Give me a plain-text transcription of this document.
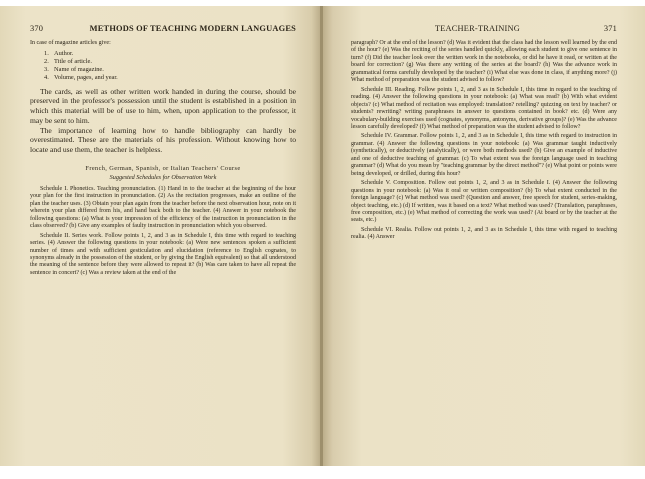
370	METHODS OF TEACHING MODERN LANGUAGES

In case of magazine articles give:

1. Author.
2. Title of article.
3. Name of magazine.
4. Volume, pages, and year.

The cards, as well as other written work handed in during the course, should be preserved in the professor's possession until the student is established in a position in which this material will be of use to him, when, upon application to the professor, it may be sent to him.

The importance of learning how to handle bibliography can hardly be overestimated. These are the materials of his profession. Without knowing how to locate and use them, the teacher is helpless.

French, German, Spanish, or Italian Teachers' Course

Suggested Schedules for Observation Work

Schedule I. Phonetics. Teaching pronunciation. (1) Hand in to the teacher at the beginning of the hour your plan for the first instruction in pronunciation. (2) As the recitation progresses, make an outline of the plan the teacher uses. (3) Obtain your plan again from the teacher before the next observation hour, note on it wherein your plan differed from his, and hand back both to the teacher. (4) Answer in your notebook the following questions: (a) What is your impression of the efficiency of the instruction in pronunciation in the class observed? (b) Give any examples of faulty instruction in pronunciation which you observed.

Schedule II. Series work. Follow points 1, 2, and 3 as in Schedule I, this time with regard to teaching series. (4) Answer the following questions in your notebook: (a) Were new sentences spoken a sufficient number of times and with sufficient gesticulation and elucidation (reference to English cognates, to synonyms already in the possession of the student, or by giving the English equivalent) so that all understood the meaning of the sentence before they were allowed to repeat it? (b) Was care taken to have all repeat the sentence in concert? (c) Was a review taken at the end of the

TEACHER-TRAINING	371

paragraph? Or at the end of the lesson? (d) Was it evident that the class had the lesson well learned by the end of the hour? (e) Was the reciting of the series handled quickly, allowing each student to give one sentence in turn? (f) Did the teacher look over the written work in the notebooks, or did he have it read, or written at the board for correction? (g) Was there any writing of the series at the board? (h) Was the advance work in grammatical forms carefully developed by the teacher? (i) What else was done in class, if anything more? (j) What method of preparation was the student advised to follow?

Schedule III. Reading. Follow points 1, 2, and 3 as in Schedule I, this time in regard to the teaching of reading. (4) Answer the following questions in your notebook: (a) What was read? (b) With what evident objects? (c) What method of recitation was employed: translation? retelling? quizzing on text by teacher? or students? rewriting? writing paraphrases in answer to questions contained in book? etc. (d) Were any vocabulary-building exercises used (cognates, synonyms, antonyms, derivative groups)? (e) Was the advance lesson carefully developed? (f) What method of preparation was the student advised to follow?

Schedule IV. Grammar. Follow points 1, 2, and 3 as in Schedule I, this time with regard to instruction in grammar. (4) Answer the following questions in your notebook: (a) Was grammar taught inductively (synthetically), or deductively (analytically), or were both methods used? (b) Give an example of inductive and one of deductive teaching of grammar. (c) To what extent was the foreign language used in teaching grammar? (d) What do you mean by "teaching grammar by the direct method"? (e) What point or points were being developed, or drilled, during this hour?

Schedule V. Composition. Follow out points 1, 2, and 3 as in Schedule I. (4) Answer the following questions in your notebook: (a) Was it oral or written composition? (b) To what extent conducted in the foreign language? (c) What method was used? (Question and answer, free speech for student, series-making, object teaching, etc.) (d) If written, was it based on a text? What method was used? (Translation, paraphrases, free composition, etc.) (e) What method of correcting the work was used? (At board or by the teacher at the seats, etc.)

Schedule VI. Realia. Follow out points 1, 2, and 3 as in Schedule I, this time with regard to teaching realia. (4) Answer
